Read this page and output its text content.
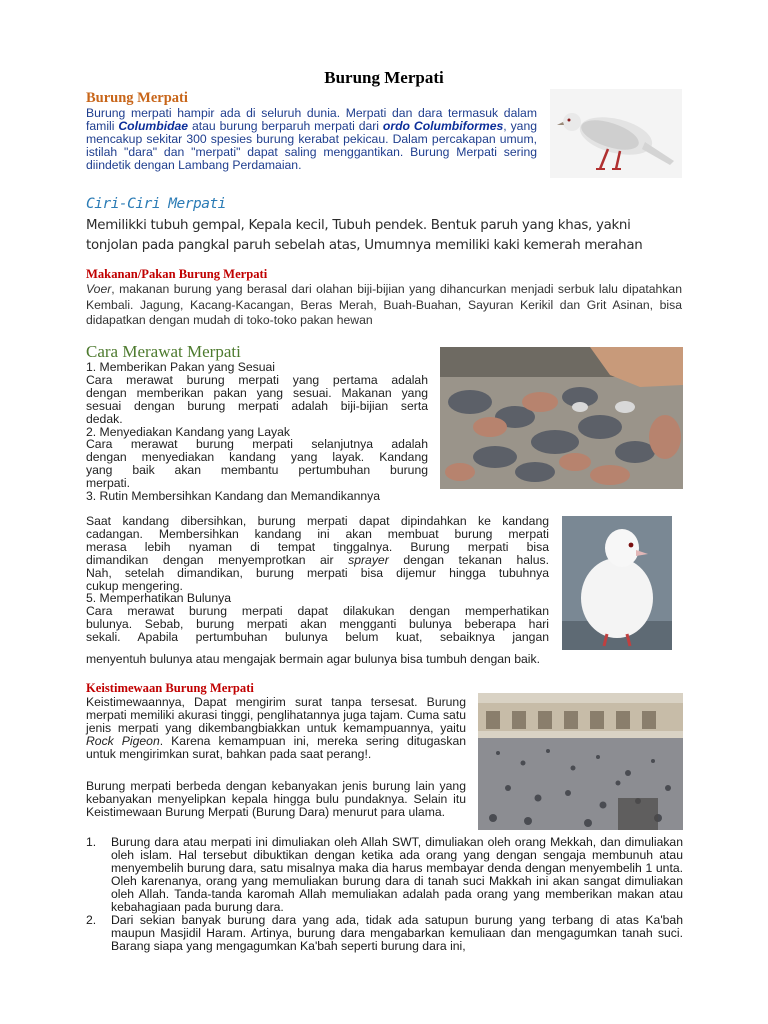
Burung Merpati
Burung Merpati

Burung merpati hampir ada di seluruh dunia. Merpati dan dara termasuk dalam famili Columbidae atau burung berparuh merpati dari ordo Columbiformes, yang mencakup sekitar 300 spesies burung kerabat pekicau. Dalam percakapan umum, istilah "dara" dan "merpati" dapat saling menggantikan. Burung Merpati sering diindetik dengan Lambang Perdamaian.

Ciri-Ciri Merpati

Memilikki tubuh gempal, Kepala kecil, Tubuh pendek. Bentuk paruh yang khas, yakni tonjolan pada pangkal paruh sebelah atas, Umumnya memiliki kaki kemerah merahan

Makanan/Pakan Burung Merpati

Voer, makanan burung yang berasal dari olahan biji-bijian yang dihancurkan menjadi serbuk lalu dipatahkan Kembali. Jagung, Kacang-Kacangan, Beras Merah, Buah-Buahan, Sayuran Kerikil dan Grit Asinan, bisa didapatkan dengan mudah di toko-toko pakan hewan

Cara Merawat Merpati
1. Memberikan Pakan yang Sesuai
Cara merawat burung merpati yang pertama adalah
dengan memberikan pakan yang sesuai. Makanan yang
sesuai dengan burung merpati adalah biji-bijian serta
dedak.
2. Menyediakan Kandang yang Layak
Cara merawat burung merpati selanjutnya adalah
dengan menyediakan kandang yang layak. Kandang
yang baik akan membantu pertumbuhan burung
merpati.
3. Rutin Membersihkan Kandang dan Memandikannya
Saat kandang dibersihkan, burung merpati dapat dipindahkan ke kandang
cadangan. Membersihkan kandang ini akan membuat burung merpati
merasa lebih nyaman di tempat tinggalnya. Burung merpati bisa
dimandikan dengan menyemprotkan air sprayer dengan tekanan halus.
Nah, setelah dimandikan, burung merpati bisa dijemur hingga tubuhnya
cukup mengering.
5. Memperhatikan Bulunya
Cara merawat burung merpati dapat dilakukan dengan memperhatikan
bulunya. Sebab, burung merpati akan mengganti bulunya beberapa hari
sekali. Apabila pertumbuhan bulunya belum kuat, sebaiknya jangan
menyentuh bulunya atau mengajak bermain agar bulunya bisa tumbuh dengan baik.
Keistimewaan Burung Merpati
Keistimewaannya, Dapat mengirim surat tanpa tersesat. Burung merpati memiliki akurasi tinggi, penglihatannya juga tajam. Cuma satu jenis merpati yang dikembangbiakkan untuk kemampuannya, yaitu Rock Pigeon. Karena kemampuan ini, mereka sering ditugaskan untuk mengirimkan surat, bahkan pada saat perang!.
Burung merpati berbeda dengan kebanyakan jenis burung lain yang kebanyakan menyelipkan kepala hingga bulu pundaknya. Selain itu Keistimewaan Burung Merpati (Burung Dara) menurut para ulama.
1. Burung dara atau merpati ini dimuliakan oleh Allah SWT, dimuliakan oleh orang Mekkah, dan dimuliakan oleh islam. Hal tersebut dibuktikan dengan ketika ada orang yang dengan sengaja membunuh atau menyembelih burung dara, satu misalnya maka dia harus membayar denda dengan menyembelih 1 unta. Oleh karenanya, orang yang memuliakan burung dara di tanah suci Makkah ini akan sangat dimuliakan oleh Allah. Tanda-tanda karomah Allah memuliakan adalah pada orang yang memberikan makan atau kebahagiaan pada burung dara.
2. Dari sekian banyak burung dara yang ada, tidak ada satupun burung yang terbang di atas Ka'bah maupun Masjidil Haram. Artinya, burung dara mengabarkan kemuliaan dan mengagumkan tanah suci. Barang siapa yang mengagumkan Ka'bah seperti burung dara ini,
